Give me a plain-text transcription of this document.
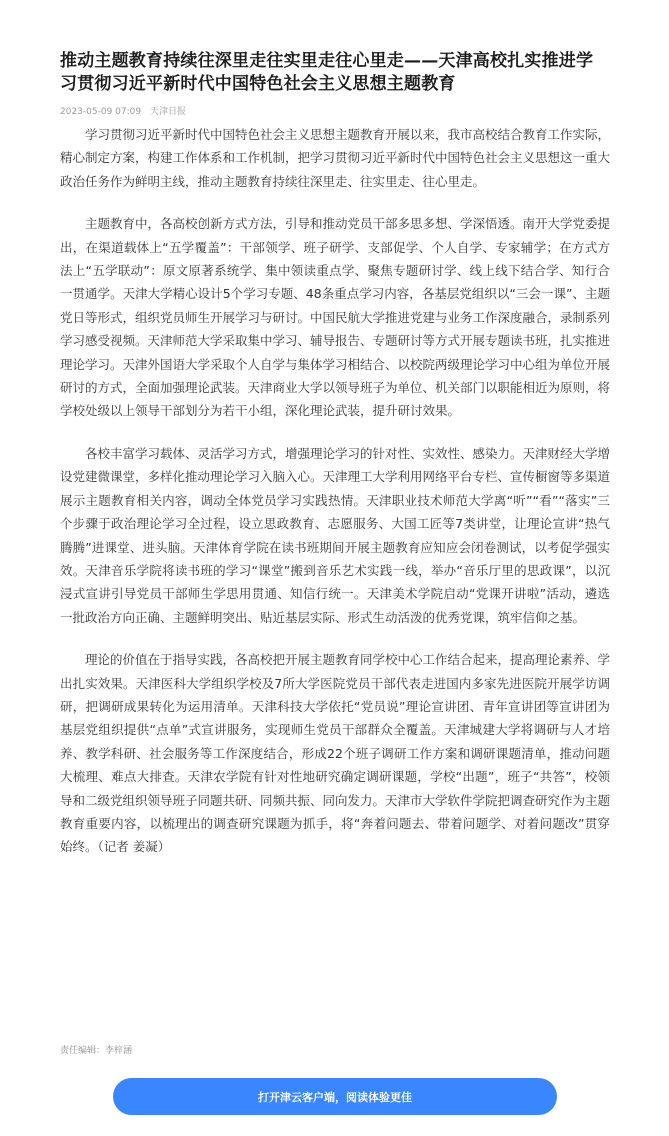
推动主题教育持续往深里走往实里走往心里走——天津高校扎实推进学习贯彻习近平新时代中国特色社会主义思想主题教育
2023-05-09 07:09 天津日报

学习贯彻习近平新时代中国特色社会主义思想主题教育开展以来，我市高校结合教育工作实际，精心制定方案，构建工作体系和工作机制，把学习贯彻习近平新时代中国特色社会主义思想这一重大政治任务作为鲜明主线，推动主题教育持续往深里走、往实里走、往心里走。

主题教育中，各高校创新方式方法，引导和推动党员干部多思多想、学深悟透。南开大学党委提出，在渠道载体上“五学覆盖”：干部领学、班子研学、支部促学、个人自学、专家辅学；在方式方法上“五学联动”：原文原著系统学、集中领读重点学、聚焦专题研讨学、线上线下结合学、知行合一贯通学。天津大学精心设计5个学习专题、48条重点学习内容，各基层党组织以“三会一课”、主题党日等形式，组织党员师生开展学习与研讨。中国民航大学推进党建与业务工作深度融合，录制系列学习感受视频。天津师范大学采取集中学习、辅导报告、专题研讨等方式开展专题读书班，扎实推进理论学习。天津外国语大学采取个人自学与集体学习相结合、以校院两级理论学习中心组为单位开展研讨的方式，全面加强理论武装。天津商业大学以领导班子为单位、机关部门以职能相近为原则，将学校处级以上领导干部划分为若干小组，深化理论武装，提升研讨效果。

各校丰富学习载体、灵活学习方式，增强理论学习的针对性、实效性、感染力。天津财经大学增设党建微课堂，多样化推动理论学习入脑入心。天津理工大学利用网络平台专栏、宣传橱窗等多渠道展示主题教育相关内容，调动全体党员学习实践热情。天津职业技术师范大学离“听”“看”“落实”三个步骤于政治理论学习全过程，设立思政教育、志愿服务、大国工匠等7类讲堂，让理论宣讲“热气腾腾”进课堂、进头脑。天津体育学院在读书班期间开展主题教育应知应会闭卷测试，以考促学强实效。天津音乐学院将读书班的学习“课堂”搬到音乐艺术实践一线，举办“音乐厅里的思政课”，以沉浸式宣讲引导党员干部师生学思用贯通、知信行统一。天津美术学院启动“党课开讲啦”活动，遴选一批政治方向正确、主题鲜明突出、贴近基层实际、形式生动活泼的优秀党课，筑牢信仰之基。

理论的价值在于指导实践，各高校把开展主题教育同学校中心工作结合起来，提高理论素养、学出扎实效果。天津医科大学组织学校及7所大学医院党员干部代表走进国内多家先进医院开展学访调研，把调研成果转化为运用清单。天津科技大学依托“党员说”理论宣讲团、青年宣讲团等宣讲团为基层党组织提供“点单”式宣讲服务，实现师生党员干部群众全覆盖。天津城建大学将调研与人才培养、教学科研、社会服务等工作深度结合，形成22个班子调研工作方案和调研课题清单，推动问题大梳理、难点大排查。天津农学院有针对性地研究确定调研课题，学校“出题”，班子“共答”，校领导和二级党组织领导班子同题共研、同频共振、同向发力。天津市大学软件学院把调查研究作为主题教育重要内容，以梳理出的调查研究课题为抓手，将“奔着问题去、带着问题学、对着问题改”贯穿始终。（记者 姜凝）

责任编辑：李梓涵
打开津云客户端，阅读体验更佳
